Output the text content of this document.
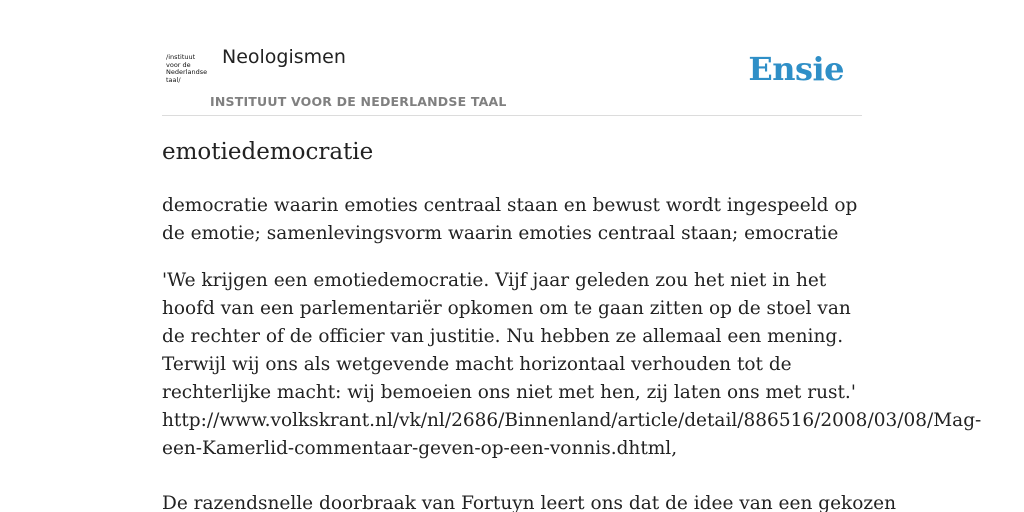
/instituut
voor de
Nederlandse
taal/
Neologismen
INSTITUUT VOOR DE NEDERLANDSE TAAL
Ensie
emotiedemocratie

democratie waarin emoties centraal staan en bewust wordt ingespeeld op de emotie; samenlevingsvorm waarin emoties centraal staan; emocratie

'We krijgen een emotiedemocratie. Vijf jaar geleden zou het niet in het hoofd van een parlementariër opkomen om te gaan zitten op de stoel van de rechter of de officier van justitie. Nu hebben ze allemaal een mening. Terwijl wij ons als wetgevende macht horizontaal verhouden tot de rechterlijke macht: wij bemoeien ons niet met hen, zij laten ons met rust.'
http://www.volkskrant.nl/vk/nl/2686/Binnenland/article/detail/886516/2008/03/08/Mag-
een-Kamerlid-commentaar-geven-op-een-vonnis.dhtml,
De razendsnelle doorbraak van Fortuyn leert ons dat de idee van een gekozen
